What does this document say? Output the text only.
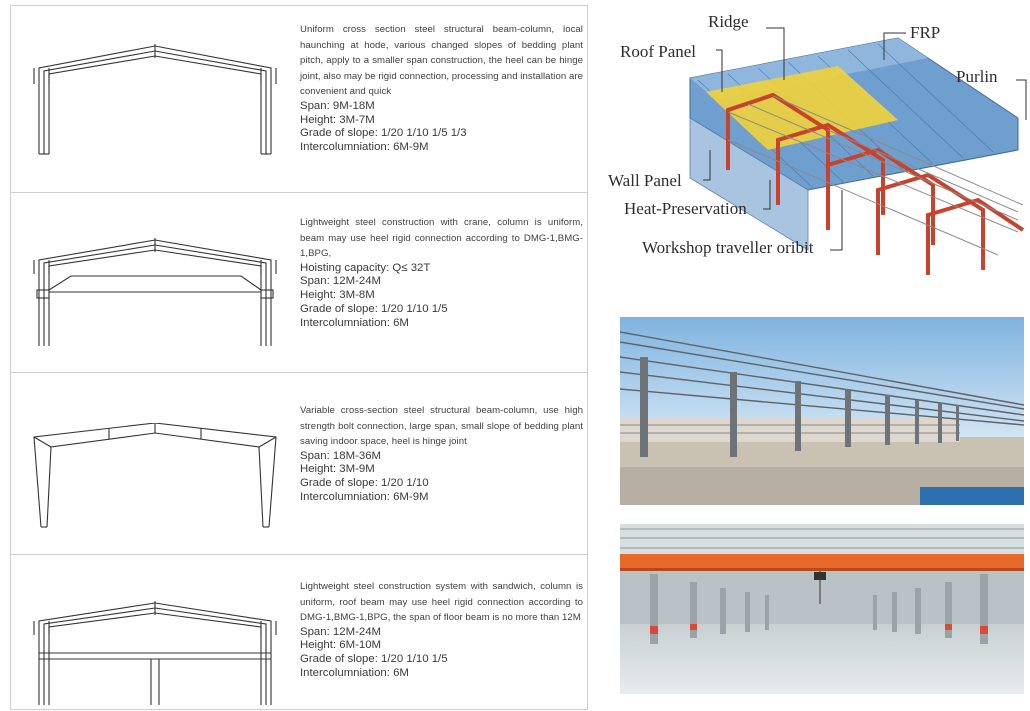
Uniform cross section steel structural beam-column, local haunching at hode, various changed slopes of bedding plant pitch, apply to a smaller span construction, the heel can be hinge joint, also may be rigid connection, processing and installation are convenient and quick

Span: 9M-18M
Height: 3M-7M
Grade of slope: 1/20 1/10 1/5 1/3
Intercolumniation: 6M-9M

Lightweight steel construction with crane, column is uniform, beam may use heel rigid connection according to DMG-1,BMG-1,BPG,

Hoisting capacity: Q≤ 32T
Span: 12M-24M
Height: 3M-8M
Grade of slope: 1/20 1/10 1/5
Intercolumniation: 6M

Variable cross-section steel structural beam-column, use high strength bolt connection, large span, small slope of bedding plant saving indoor space, heel is hinge joint

Span: 18M-36M
Height: 3M-9M
Grade of slope: 1/20 1/10
Intercolumniation: 6M-9M

Lightweight steel construction system with sandwich, column is uniform, roof beam may use heel rigid connection according to DMG-1,BMG-1,BPG, the span of floor beam is no more than 12M

Span: 12M-24M
Height: 6M-10M
Grade of slope: 1/20 1/10 1/5
Intercolumniation: 6M
Ridge
Roof Panel
FRP
Purlin
Wall Panel
Heat-Preservation
Workshop traveller oribit
